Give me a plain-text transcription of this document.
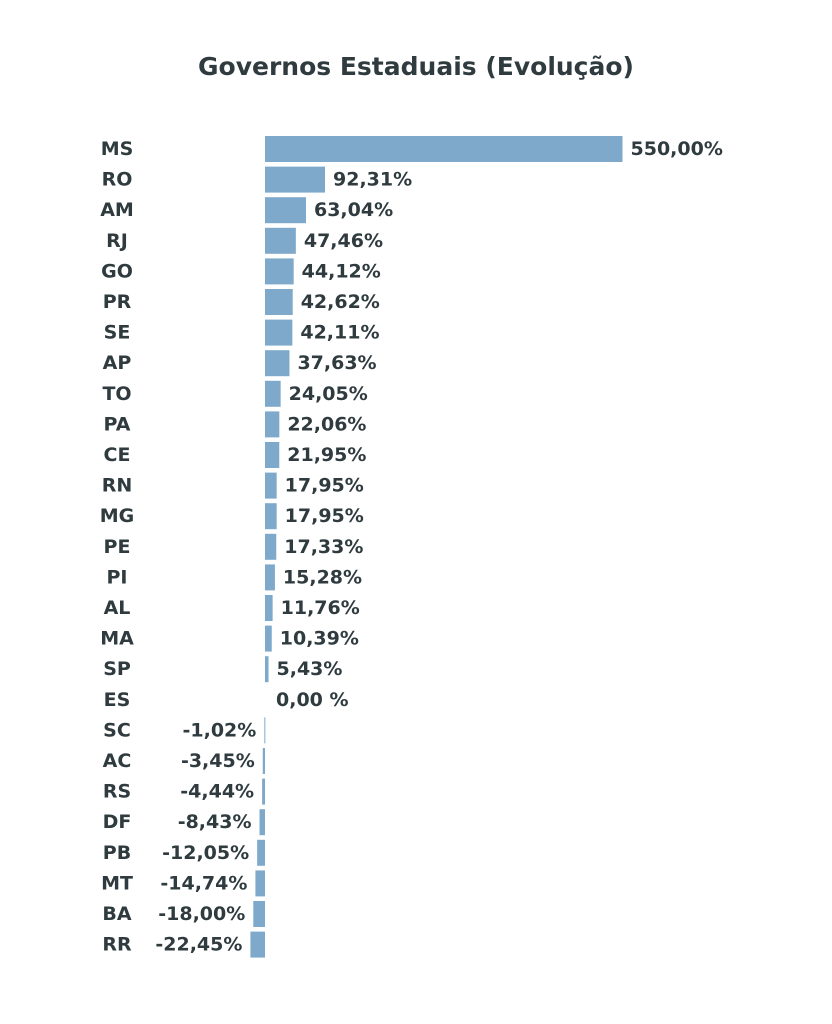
Governos Estaduais (Evolução)
MS	550,00%
RO	92,31%
AM	63,04%
RJ	47,46%
GO	44,12%
PR	42,62%
SE	42,11%
AP	37,63%
TO	24,05%
PA	22,06%
CE	21,95%
RN	17,95%
MG	17,95%
PE	17,33%
PI	15,28%
AL	11,76%
MA	10,39%
SP	5,43%
ES	0,00 %
SC	-1,02%
AC	-3,45%
RS	-4,44%
DF -8,43%
PB -12,05%
MT -14,74%
BA -18,00%
RR -22,45%
